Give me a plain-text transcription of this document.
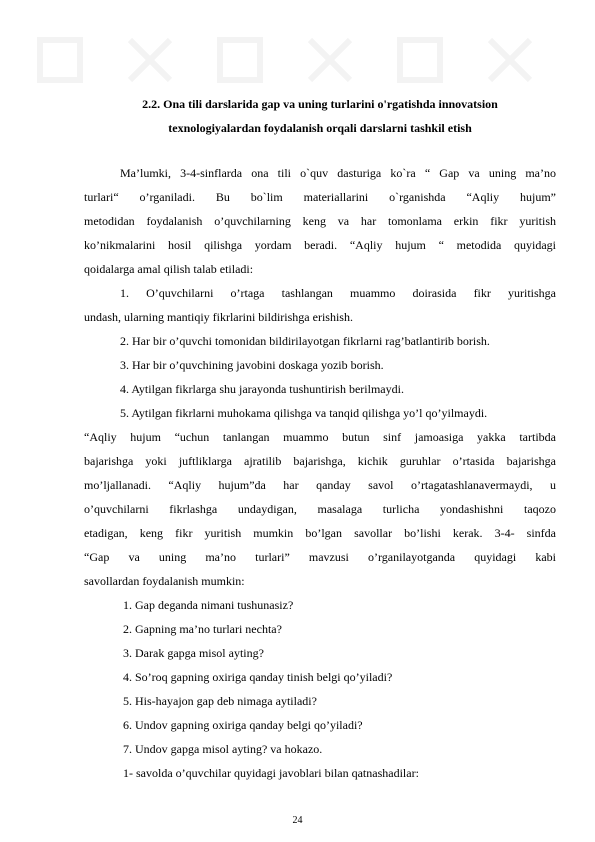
2.2. Ona tili darslarida gap va uning turlarini o'rgatishda innovatsion
texnologiyalardan foydalanish orqali darslarni tashkil etish
Ma’lumki, 3-4-sinflarda ona tili o`quv dasturiga ko`ra “ Gap va uning ma’no
turlari“ o’rganiladi. Bu bo`lim materiallarini o`rganishda “Aqliy hujum”
metodidan foydalanish o’quvchilarning keng va har tomonlama erkin fikr yuritish
ko’nikmalarini hosil qilishga yordam beradi. “Aqliy hujum “ metodida quyidagi
qoidalarga amal qilish talab etiladi:
1. O’quvchilarni o’rtaga tashlangan muammo doirasida fikr yuritishga
undash, ularning mantiqiy fikrlarini bildirishga erishish.
2. Har bir o’quvchi tomonidan bildirilayotgan fikrlarni rag’batlantirib borish.
3. Har bir o’quvchining javobini doskaga yozib borish.
4. Aytilgan fikrlarga shu jarayonda tushuntirish berilmaydi.
5. Aytilgan fikrlarni muhokama qilishga va tanqid qilishga yo’l qo’yilmaydi.
“Aqliy hujum “uchun tanlangan muammo butun sinf jamoasiga yakka tartibda
bajarishga yoki juftliklarga ajratilib bajarishga, kichik guruhlar o’rtasida bajarishga
mo’ljallanadi. “Aqliy hujum”da har qanday savol o’rtagatashlanavermaydi, u
o’quvchilarni fikrlashga undaydigan, masalaga turlicha yondashishni taqozo
etadigan, keng fikr yuritish mumkin bo’lgan savollar bo’lishi kerak. 3-4- sinfda
“Gap va uning ma’no turlari” mavzusi o’rganilayotganda quyidagi kabi
savollardan foydalanish mumkin:
1. Gap deganda nimani tushunasiz?
2. Gapning ma’no turlari nechta?
3. Darak gapga misol ayting?
4. So’roq gapning oxiriga qanday tinish belgi qo’yiladi?
5. His-hayajon gap deb nimaga aytiladi?
6. Undov gapning oxiriga qanday belgi qo’yiladi?
7. Undov gapga misol ayting? va hokazo.
1- savolda o’quvchilar quyidagi javoblari bilan qatnashadilar:
24
